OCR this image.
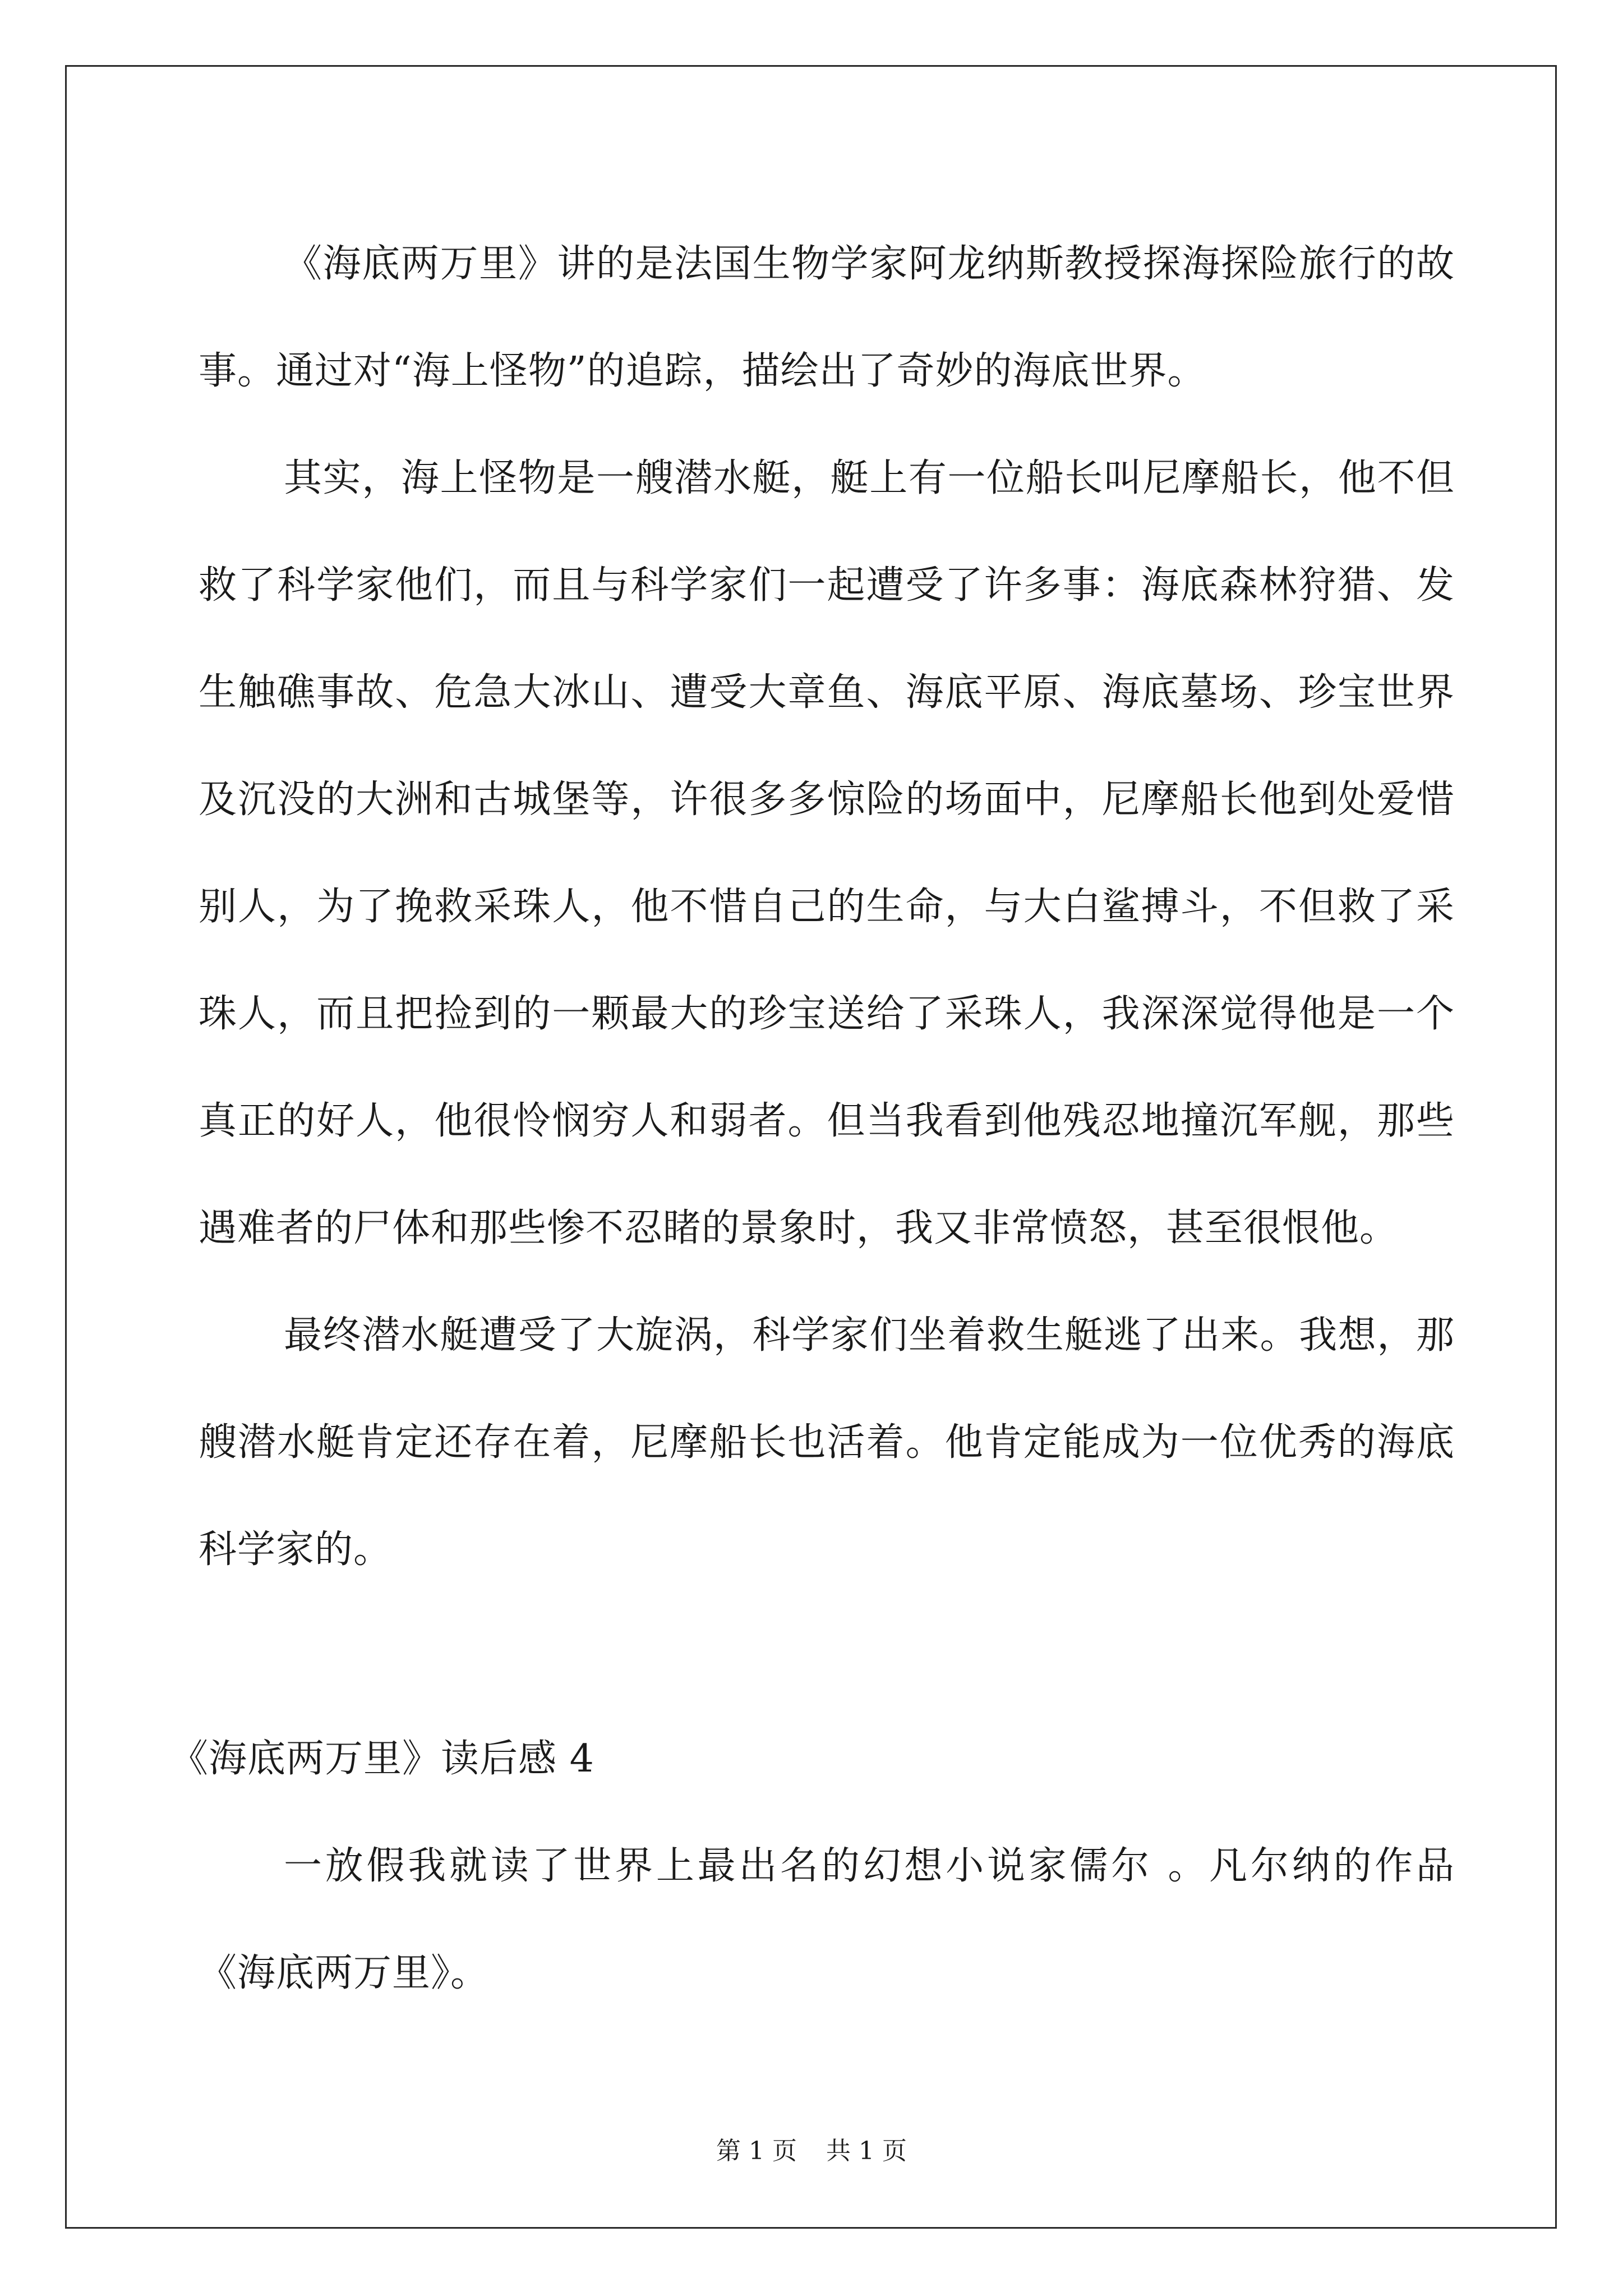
《海底两万里》讲的是法国生物学家阿龙纳斯教授探海探险旅行的故事。通过对“海上怪物”的追踪，描绘出了奇妙的海底世界。

其实，海上怪物是一艘潜水艇，艇上有一位船长叫尼摩船长，他不但救了科学家他们，而且与科学家们一起遭受了许多事：海底森林狩猎、发生触礁事故、危急大冰山、遭受大章鱼、海底平原、海底墓场、珍宝世界及沉没的大洲和古城堡等，许很多多惊险的场面中，尼摩船长他到处爱惜别人，为了挽救采珠人，他不惜自己的生命，与大白鲨搏斗，不但救了采珠人，而且把捡到的一颗最大的珍宝送给了采珠人，我深深觉得他是一个真正的好人，他很怜悯穷人和弱者。但当我看到他残忍地撞沉军舰，那些遇难者的尸体和那些惨不忍睹的景象时，我又非常愤怒，甚至很恨他。

最终潜水艇遭受了大旋涡，科学家们坐着救生艇逃了出来。我想，那艘潜水艇肯定还存在着，尼摩船长也活着。他肯定能成为一位优秀的海底科学家的。

《海底两万里》读后感 4

一放假我就读了世界上最出名的幻想小说家儒尔 。凡尔纳的作品《海底两万里》。

第 1 页 共 1 页
